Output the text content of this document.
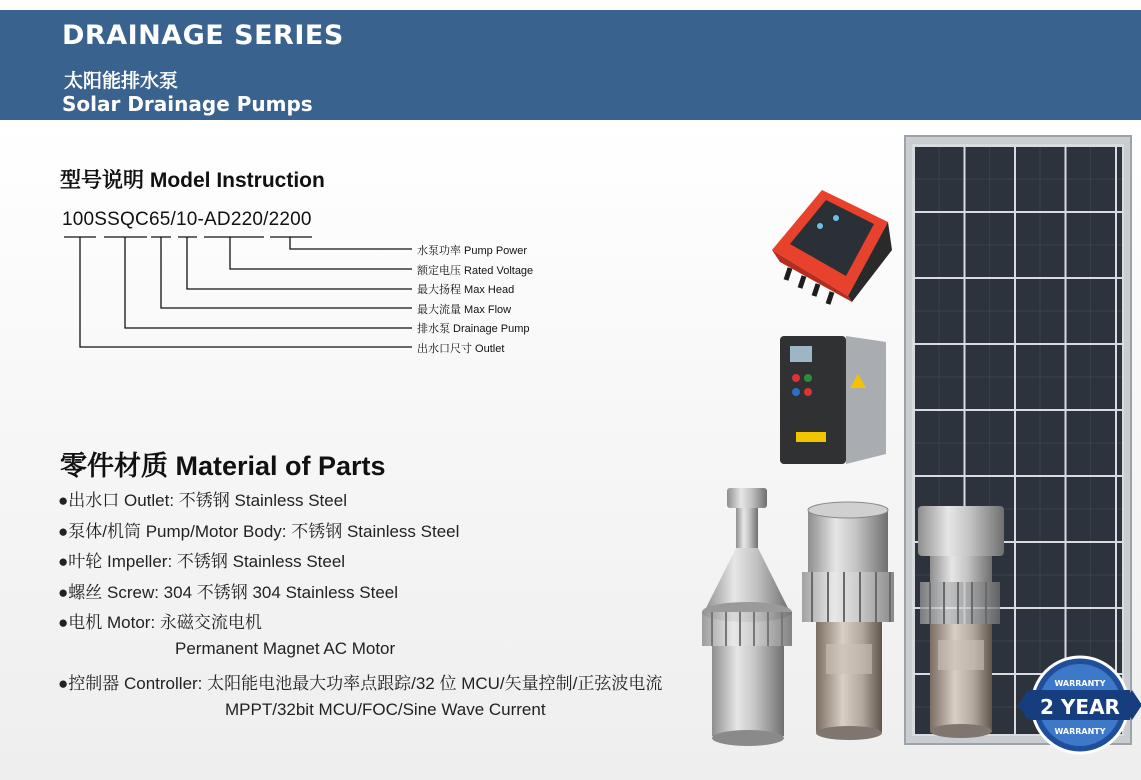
DRAINAGE SERIES
太阳能排水泵
Solar Drainage Pumps
型号说明 Model Instruction
100SSQC65/10-AD220/2200
水泵功率 Pump Power
额定电压 Rated Voltage
最大扬程 Max Head
最大流量 Max Flow
排水泵 Drainage Pump
出水口尺寸 Outlet
零件材质 Material of Parts
●出水口 Outlet: 不锈钢 Stainless Steel
●泵体/机筒 Pump/Motor Body: 不锈钢 Stainless Steel
●叶轮 Impeller: 不锈钢 Stainless Steel
●螺丝 Screw: 304 不锈钢 304 Stainless Steel
●电机 Motor: 永磁交流电机
Permanent Magnet AC Motor
●控制器 Controller: 太阳能电池最大功率点跟踪/32 位 MCU/矢量控制/正弦波电流
MPPT/32bit MCU/FOC/Sine Wave Current	2 YEAR
WARRANTY
WARRANTY
